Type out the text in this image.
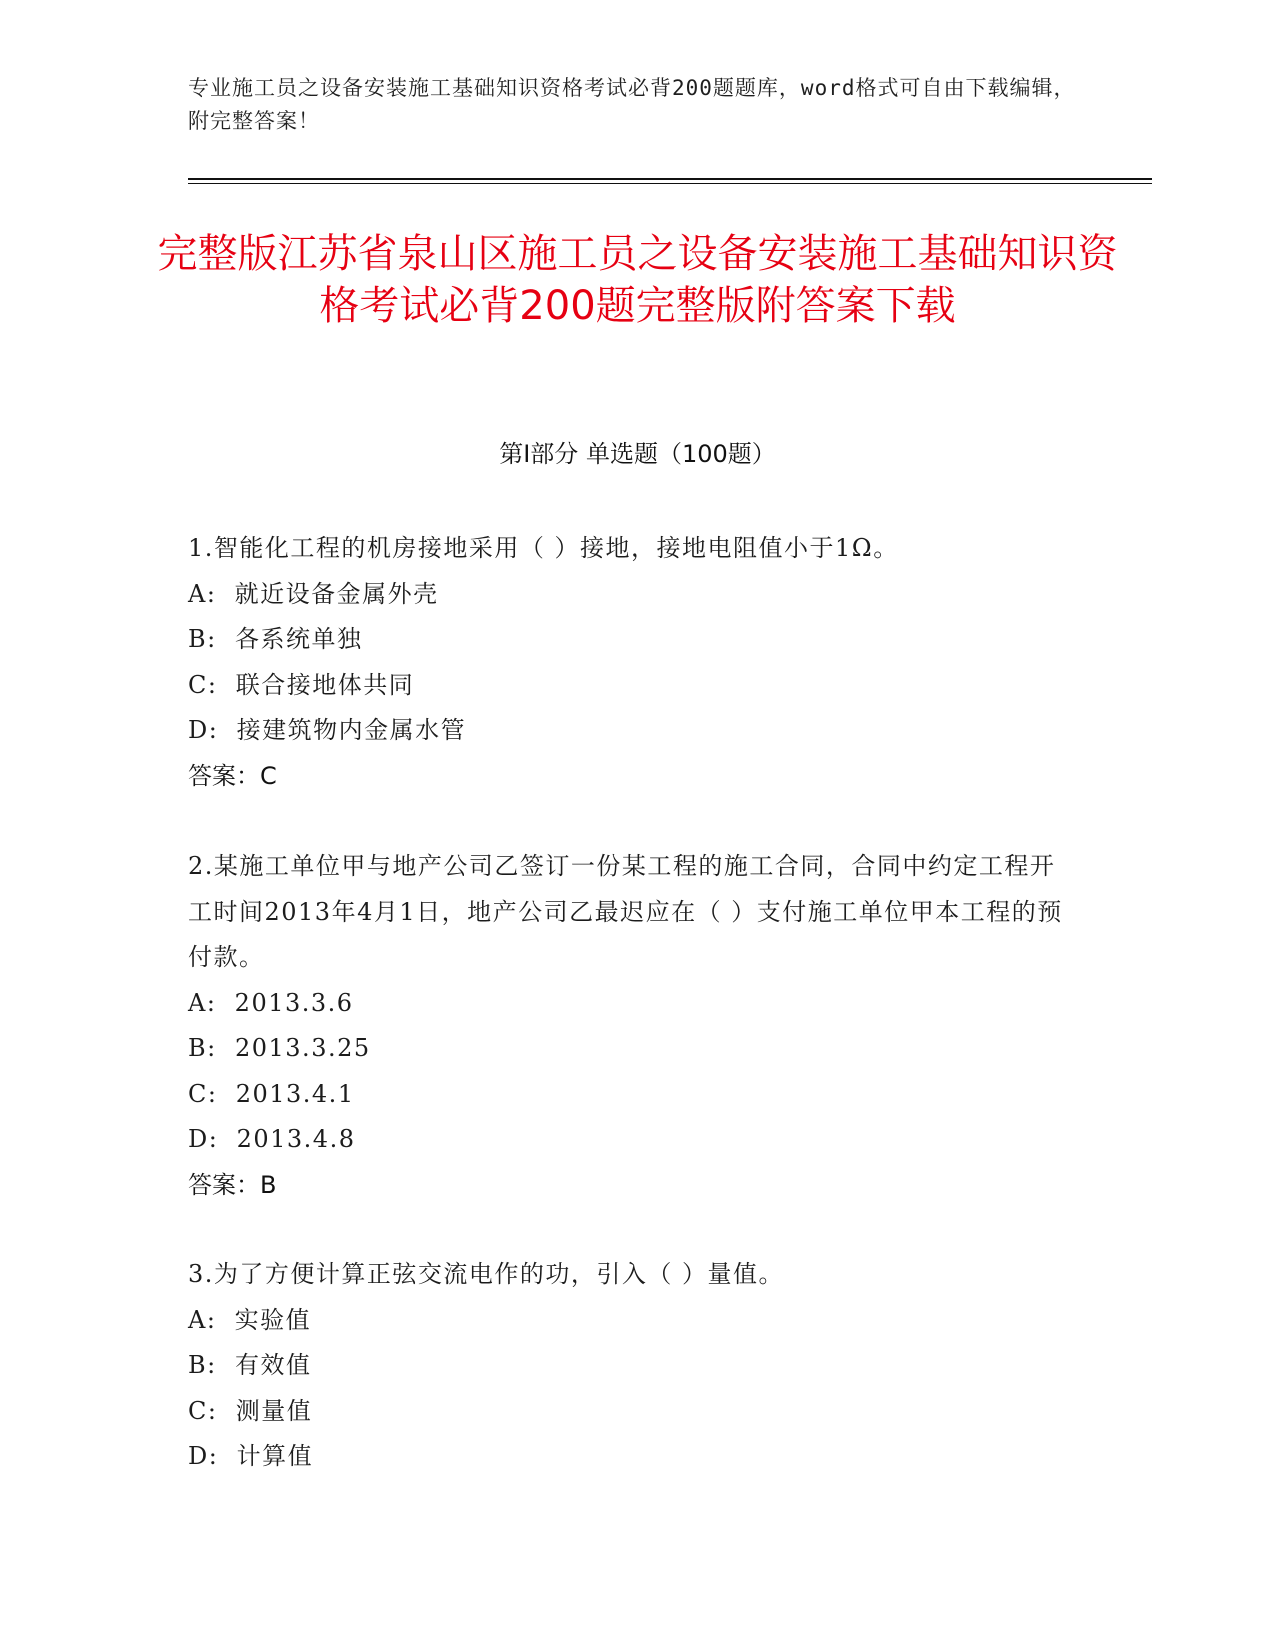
专业施工员之设备安装施工基础知识资格考试必背200题题库，word格式可自由下载编辑，附完整答案！
完整版江苏省泉山区施工员之设备安装施工基础知识资格考试必背200题完整版附答案下载
第I部分 单选题（100题）
1.智能化工程的机房接地采用（ ）接地，接地电阻值小于1Ω。
A:  就近设备金属外壳
B:  各系统单独
C:  联合接地体共同
D:  接建筑物内金属水管
答案：C
2.某施工单位甲与地产公司乙签订一份某工程的施工合同，合同中约定工程开工时间2013年4月1日，地产公司乙最迟应在（ ）支付施工单位甲本工程的预付款。
A:  2013.3.6
B:  2013.3.25
C:  2013.4.1
D:  2013.4.8
答案：B
3.为了方便计算正弦交流电作的功，引入（ ）量值。
A:  实验值
B:  有效值
C:  测量值
D:  计算值
